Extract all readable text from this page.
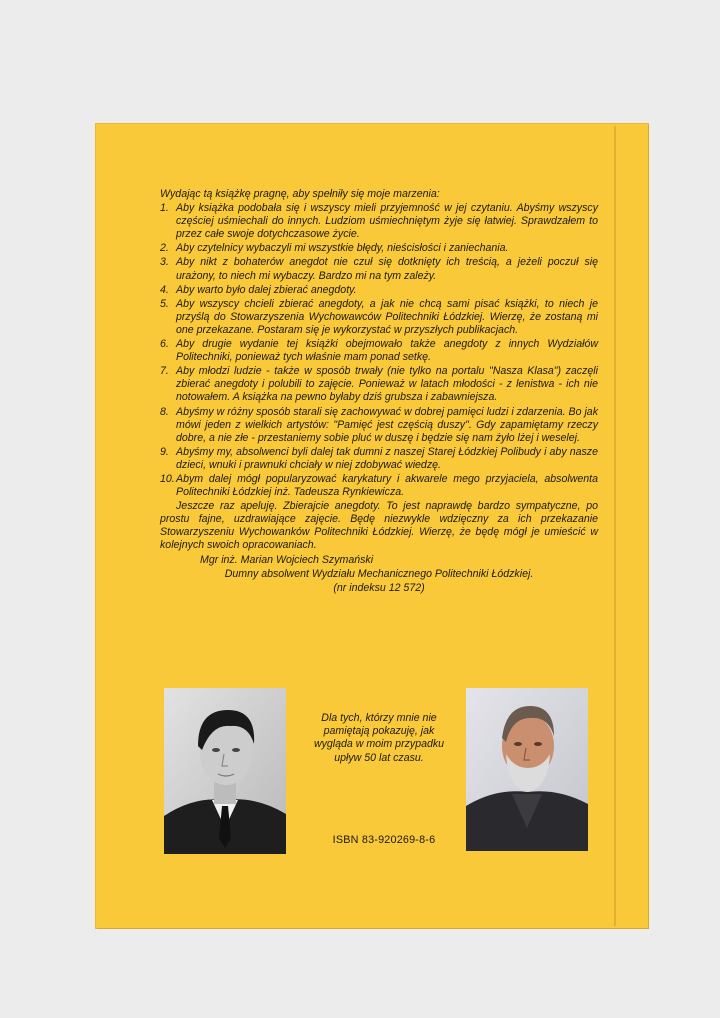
Wydając tą książkę pragnę, aby spełniły się moje marzenia:

1. Aby książka podobała się i wszyscy mieli przyjemność w jej czytaniu. Abyśmy wszyscy częściej uśmiechali do innych. Ludziom uśmiechniętym żyje się łatwiej. Sprawdzałem to przez całe swoje dotychczasowe życie.
2. Aby czytelnicy wybaczyli mi wszystkie błędy, nieścisłości i zaniechania.
3. Aby nikt z bohaterów anegdot nie czuł się dotknięty ich treścią, a jeżeli poczuł się urażony, to niech mi wybaczy. Bardzo mi na tym zależy.
4. Aby warto było dalej zbierać anegdoty.
5. Aby wszyscy chcieli zbierać anegdoty, a jak nie chcą sami pisać książki, to niech je przyślą do Stowarzyszenia Wychowawców Politechniki Łódzkiej. Wierzę, że zostaną mi one przekazane. Postaram się je wykorzystać w przyszłych publikacjach.
6. Aby drugie wydanie tej książki obejmowało także anegdoty z innych Wydziałów Politechniki, ponieważ tych właśnie mam ponad setkę.
7. Aby młodzi ludzie - także w sposób trwały (nie tylko na portalu "Nasza Klasa") zaczęli zbierać anegdoty i polubili to zajęcie. Ponieważ w latach młodości - z lenistwa - ich nie notowałem. A książka na pewno byłaby dziś grubsza i zabawniejsza.
8. Abyśmy w różny sposób starali się zachowywać w dobrej pamięci ludzi i zdarzenia. Bo jak mówi jeden z wielkich artystów: "Pamięć jest częścią duszy". Gdy zapamiętamy rzeczy dobre, a nie złe - przestaniemy sobie pluć w duszę i będzie się nam żyło lżej i weselej.
9. Abyśmy my, absolwenci byli dalej tak dumni z naszej Starej Łódzkiej Polibudy i aby nasze dzieci, wnuki i prawnuki chciały w niej zdobywać wiedzę.
10. Abym dalej mógł popularyzować karykatury i akwarele mego przyjaciela, absolwenta Politechniki Łódzkiej inż. Tadeusza Rynkiewicza.

Jeszcze raz apeluję. Zbierajcie anegdoty. To jest naprawdę bardzo sympatyczne, po prostu fajne, uzdrawiające zajęcie. Będę niezwykle wdzięczny za ich przekazanie Stowarzyszeniu Wychowanków Politechniki Łódzkiej. Wierzę, że będę mógł je umieścić w kolejnych swoich opracowaniach.

Mgr inż. Marian Wojciech Szymański

Dumny absolwent Wydziału Mechanicznego Politechniki Łódzkiej.

(nr indeksu 12 572)

Dla tych, którzy mnie nie pamiętają pokazuję, jak wygląda w moim przypadku upływ 50 lat czasu.
ISBN 83-920269-8-6
